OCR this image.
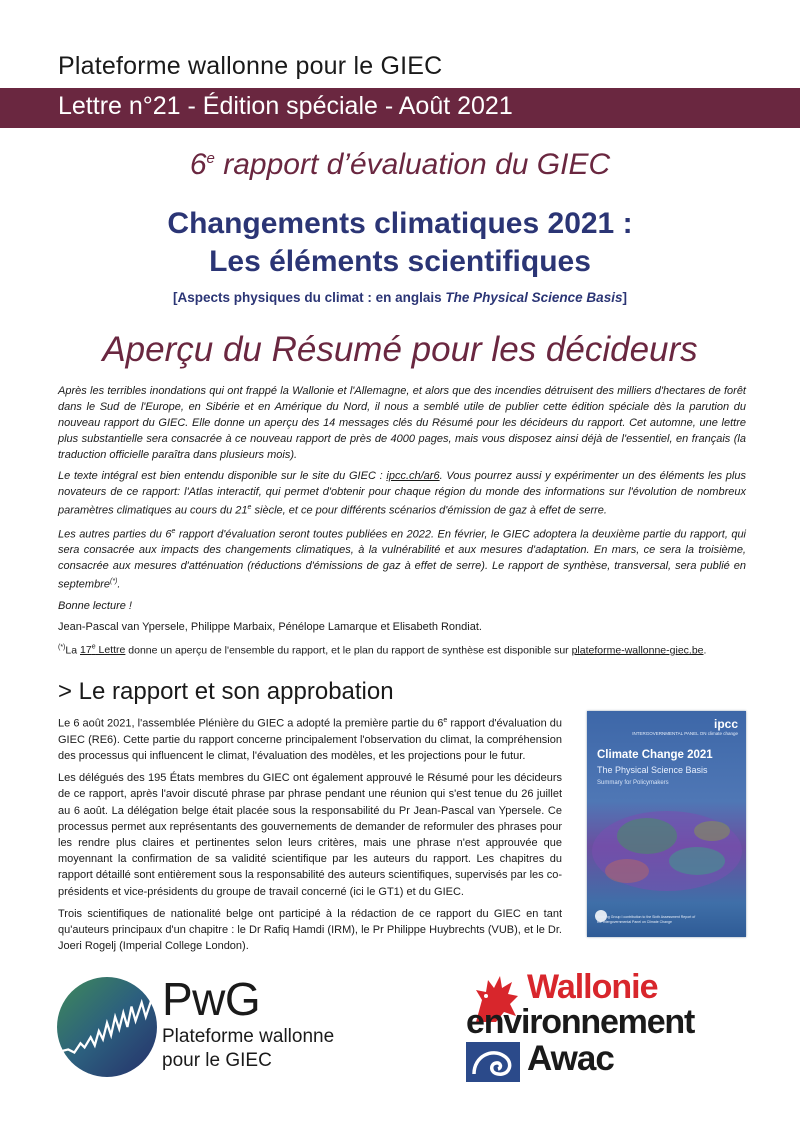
Plateforme wallonne pour le GIEC
Lettre n°21 - Édition spéciale - Août 2021
6e rapport d’évaluation du GIEC
Changements climatiques 2021 :
Les éléments scientifiques
[Aspects physiques du climat : en anglais The Physical Science Basis]
Aperçu du Résumé pour les décideurs

Après les terribles inondations qui ont frappé la Wallonie et l'Allemagne, et alors que des incendies détruisent des milliers d'hectares de forêt dans le Sud de l'Europe, en Sibérie et en Amérique du Nord, il nous a semblé utile de publier cette édition spéciale dès la parution du nouveau rapport du GIEC. Elle donne un aperçu des 14 messages clés du Résumé pour les décideurs du rapport. Cet automne, une lettre plus substantielle sera consacrée à ce nouveau rapport de près de 4000 pages, mais vous disposez ainsi déjà de l'essentiel, en français (la traduction officielle paraîtra dans plusieurs mois).

Le texte intégral est bien entendu disponible sur le site du GIEC : ipcc.ch/ar6. Vous pourrez aussi y expérimenter un des éléments les plus novateurs de ce rapport: l'Atlas interactif, qui permet d'obtenir pour chaque région du monde des informations sur l'évolution de nombreux paramètres climatiques au cours du 21e siècle, et ce pour différents scénarios d'émission de gaz à effet de serre.

Les autres parties du 6e rapport d'évaluation seront toutes publiées en 2022. En février, le GIEC adoptera la deuxième partie du rapport, qui sera consacrée aux impacts des changements climatiques, à la vulnérabilité et aux mesures d'adaptation. En mars, ce sera la troisième, consacrée aux mesures d'atténuation (réductions d'émissions de gaz à effet de serre). Le rapport de synthèse, transversal, sera publié en septembre(*).

Bonne lecture !

Jean-Pascal van Ypersele, Philippe Marbaix, Pénélope Lamarque et Elisabeth Rondiat.

(*)La 17e Lettre donne un aperçu de l'ensemble du rapport, et le plan du rapport de synthèse est disponible sur plateforme-wallonne-giec.be.

> Le rapport et son approbation

Le 6 août 2021, l'assemblée Plénière du GIEC a adopté la première partie du 6e rapport d'évaluation du GIEC (RE6). Cette partie du rapport concerne principalement l'observation du climat, la compréhension des processus qui influencent le climat, l'évaluation des modèles, et les projections pour le futur.

Les délégués des 195 États membres du GIEC ont également approuvé le Résumé pour les décideurs de ce rapport, après l'avoir discuté phrase par phrase pendant une réunion qui s'est tenue du 26 juillet au 6 août. La délégation belge était placée sous la responsabilité du Pr Jean-Pascal van Ypersele. Ce processus permet aux représentants des gouvernements de demander de reformuler des phrases pour les rendre plus claires et pertinentes selon leurs critères, mais une phrase n'est approuvée que moyennant la confirmation de sa validité scientifique par les auteurs du rapport. Les chapitres du rapport détaillé sont entièrement sous la responsabilité des auteurs scientifiques, supervisés par les co-présidents et vice-présidents du groupe de travail concerné (ici le GT1) et du GIEC.

Trois scientifiques de nationalité belge ont participé à la rédaction de ce rapport du GIEC en tant qu'auteurs principaux d'un chapitre : le Dr Rafiq Hamdi (IRM), le Pr Philippe Huybrechts (VUB), et le Dr. Joeri Rogelj (Imperial College London).

ipcc
INTERGOVERNMENTAL PANEL ON climate change
Climate Change 2021
The Physical Science Basis
Summary for Policymakers
Working Group I contribution to the Sixth Assessment Report of the Intergovernmental Panel on Climate Change
PwG
Plateforme wallonne
pour le GIEC
Wallonie
environnement
Awac
